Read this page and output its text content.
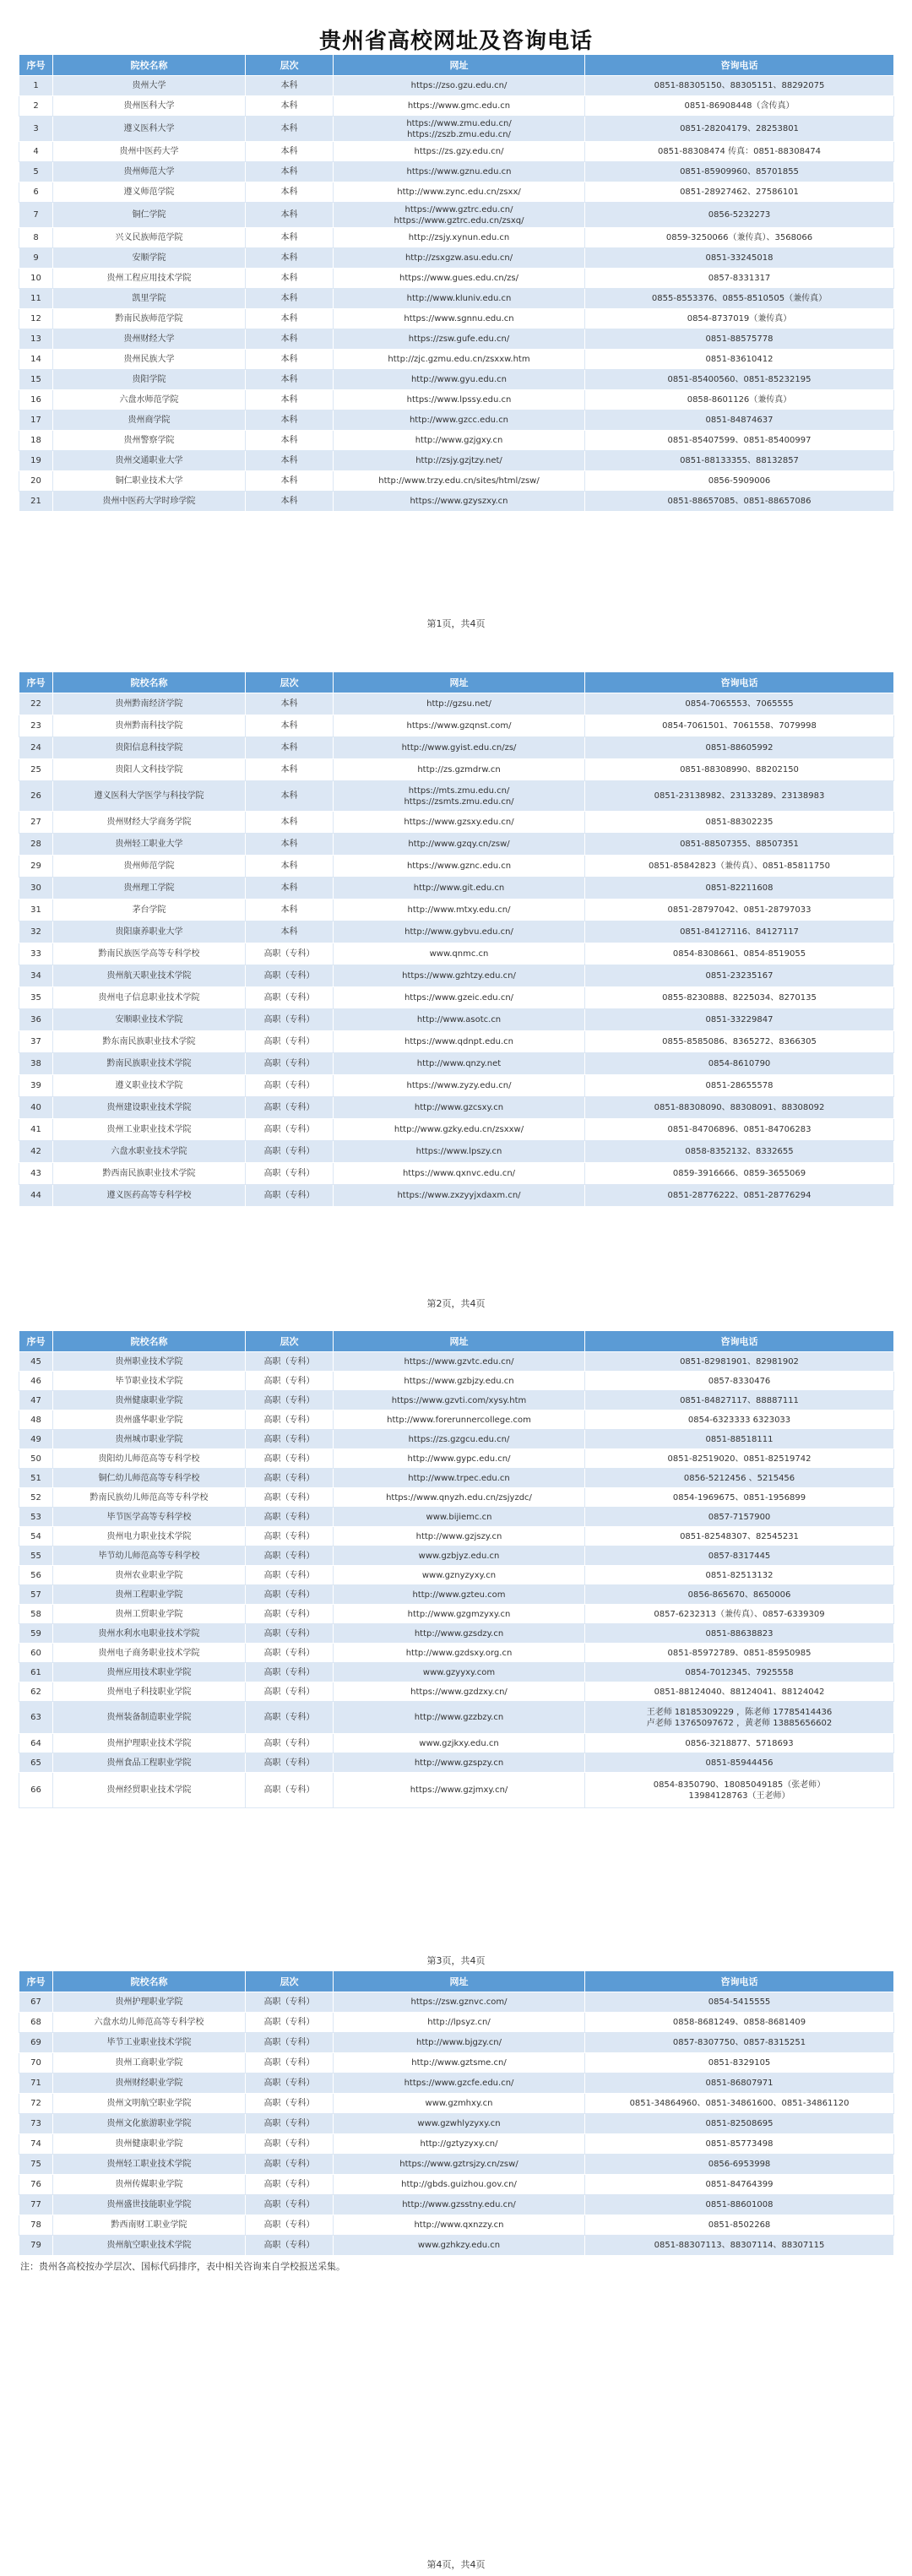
贵州省高校网址及咨询电话
序号	院校名称	层次	网址	咨询电话
1	贵州大学	本科	https://zso.gzu.edu.cn/	0851-88305150、88305151、88292075
2	贵州医科大学	本科	https://www.gmc.edu.cn	0851-86908448（含传真）
3	遵义医科大学	本科	https://www.zmu.edu.cn/
https://zszb.zmu.edu.cn/	0851-28204179、28253801
4	贵州中医药大学	本科	https://zs.gzy.edu.cn/	0851-88308474 传真：0851-88308474
5	贵州师范大学	本科	https://www.gznu.edu.cn	0851-85909960、85701855
6	遵义师范学院	本科	http://www.zync.edu.cn/zsxx/	0851-28927462、27586101
7	铜仁学院	本科	https://www.gztrc.edu.cn/
https://www.gztrc.edu.cn/zsxq/	0856-5232273
8	兴义民族师范学院	本科	http://zsjy.xynun.edu.cn	0859-3250066（兼传真）、3568066
9	安顺学院	本科	http://zsxgzw.asu.edu.cn/	0851-33245018
10	贵州工程应用技术学院	本科	https://www.gues.edu.cn/zs/	0857-8331317
11	凯里学院	本科	http://www.kluniv.edu.cn	0855-8553376、0855-8510505（兼传真）
12	黔南民族师范学院	本科	https://www.sgnnu.edu.cn	0854-8737019（兼传真）
13	贵州财经大学	本科	https://zsw.gufe.edu.cn/	0851-88575778
14	贵州民族大学	本科	http://zjc.gzmu.edu.cn/zsxxw.htm	0851-83610412
15	贵阳学院	本科	http://www.gyu.edu.cn	0851-85400560、0851-85232195
16	六盘水师范学院	本科	https://www.lpssy.edu.cn	0858-8601126（兼传真）
17	贵州商学院	本科	http://www.gzcc.edu.cn	0851-84874637
18	贵州警察学院	本科	http://www.gzjgxy.cn	0851-85407599、0851-85400997
19	贵州交通职业大学	本科	http://zsjy.gzjtzy.net/	0851-88133355、88132857
20	铜仁职业技术大学	本科	http://www.trzy.edu.cn/sites/html/zsw/	0856-5909006
21	贵州中医药大学时珍学院	本科	https://www.gzyszxy.cn	0851-88657085、0851-88657086
第1页，共4页
序号	院校名称	层次	网址	咨询电话
22	贵州黔南经济学院	本科	http://gzsu.net/	0854-7065553、7065555
23	贵州黔南科技学院	本科	https://www.gzqnst.com/	0854-7061501、7061558、7079998
24	贵阳信息科技学院	本科	http://www.gyist.edu.cn/zs/	0851-88605992
25	贵阳人文科技学院	本科	http://zs.gzmdrw.cn	0851-88308990、88202150
26	遵义医科大学医学与科技学院	本科	https://mts.zmu.edu.cn/
https://zsmts.zmu.edu.cn/	0851-23138982、23133289、23138983
27	贵州财经大学商务学院	本科	https://www.gzsxy.edu.cn/	0851-88302235
28	贵州轻工职业大学	本科	http://www.gzqy.cn/zsw/	0851-88507355、88507351
29	贵州师范学院	本科	https://www.gznc.edu.cn	0851-85842823（兼传真）、0851-85811750
30	贵州理工学院	本科	http://www.git.edu.cn	0851-82211608
31	茅台学院	本科	http://www.mtxy.edu.cn/	0851-28797042、0851-28797033
32	贵阳康养职业大学	本科	http://www.gybvu.edu.cn/	0851-84127116、84127117
33	黔南民族医学高等专科学校	高职（专科）	www.qnmc.cn	0854-8308661、0854-8519055
34	贵州航天职业技术学院	高职（专科）	https://www.gzhtzy.edu.cn/	0851-23235167
35	贵州电子信息职业技术学院	高职（专科）	https://www.gzeic.edu.cn/	0855-8230888、8225034、8270135
36	安顺职业技术学院	高职（专科）	http://www.asotc.cn	0851-33229847
37	黔东南民族职业技术学院	高职（专科）	https://www.qdnpt.edu.cn	0855-8585086、8365272、8366305
38	黔南民族职业技术学院	高职（专科）	http://www.qnzy.net	0854-8610790
39	遵义职业技术学院	高职（专科）	https://www.zyzy.edu.cn/	0851-28655578
40	贵州建设职业技术学院	高职（专科）	http://www.gzcsxy.cn	0851-88308090、88308091、88308092
41	贵州工业职业技术学院	高职（专科）	http://www.gzky.edu.cn/zsxxw/	0851-84706896、0851-84706283
42	六盘水职业技术学院	高职（专科）	https://www.lpszy.cn	0858-8352132、8332655
43	黔西南民族职业技术学院	高职（专科）	https://www.qxnvc.edu.cn/	0859-3916666、0859-3655069
44	遵义医药高等专科学校	高职（专科）	https://www.zxzyyjxdaxm.cn/	0851-28776222、0851-28776294
第2页，共4页
序号	院校名称	层次	网址	咨询电话
45	贵州职业技术学院	高职（专科）	https://www.gzvtc.edu.cn/	0851-82981901、82981902
46	毕节职业技术学院	高职（专科）	https://www.gzbjzy.edu.cn	0857-8330476
47	贵州健康职业学院	高职（专科）	https://www.gzvti.com/xysy.htm	0851-84827117、88887111
48	贵州盛华职业学院	高职（专科）	http://www.forerunnercollege.com	0854-6323333 6323033
49	贵州城市职业学院	高职（专科）	https://zs.gzgcu.edu.cn/	0851-88518111
50	贵阳幼儿师范高等专科学校	高职（专科）	http://www.gypc.edu.cn/	0851-82519020、0851-82519742
51	铜仁幼儿师范高等专科学校	高职（专科）	http://www.trpec.edu.cn	0856-5212456 、5215456
52	黔南民族幼儿师范高等专科学校	高职（专科）	https://www.qnyzh.edu.cn/zsjyzdc/	0854-1969675、0851-1956899
53	毕节医学高等专科学校	高职（专科）	www.bijiemc.cn	0857-7157900
54	贵州电力职业技术学院	高职（专科）	http://www.gzjszy.cn	0851-82548307、82545231
55	毕节幼儿师范高等专科学校	高职（专科）	www.gzbjyz.edu.cn	0857-8317445
56	贵州农业职业学院	高职（专科）	www.gznyzyxy.cn	0851-82513132
57	贵州工程职业学院	高职（专科）	http://www.gzteu.com	0856-865670、8650006
58	贵州工贸职业学院	高职（专科）	http://www.gzgmzyxy.cn	0857-6232313（兼传真）、0857-6339309
59	贵州水利水电职业技术学院	高职（专科）	http://www.gzsdzy.cn	0851-88638823
60	贵州电子商务职业技术学院	高职（专科）	http://www.gzdsxy.org.cn	0851-85972789、0851-85950985
61	贵州应用技术职业学院	高职（专科）	www.gzyyxy.com	0854-7012345、7925558
62	贵州电子科技职业学院	高职（专科）	https://www.gzdzxy.cn/	0851-88124040、88124041、88124042
63	贵州装备制造职业学院	高职（专科）	http://www.gzzbzy.cn	王老师 18185309229 ，陈老师 17785414436
卢老师 13765097672 ，黄老师 13885656602
64	贵州护理职业技术学院	高职（专科）	www.gzjkxy.edu.cn	0856-3218877、5718693
65	贵州食品工程职业学院	高职（专科）	http://www.gzspzy.cn	0851-85944456
66	贵州经贸职业技术学院	高职（专科）	https://www.gzjmxy.cn/	0854-8350790、18085049185（张老师）
13984128763（王老师）
第3页，共4页
序号	院校名称	层次	网址	咨询电话
67	贵州护理职业学院	高职（专科）	https://zsw.gznvc.com/	0854-5415555
68	六盘水幼儿师范高等专科学校	高职（专科）	http://lpsyz.cn/	0858-8681249、0858-8681409
69	毕节工业职业技术学院	高职（专科）	http://www.bjgzy.cn/	0857-8307750、0857-8315251
70	贵州工商职业学院	高职（专科）	http://www.gztsme.cn/	0851-8329105
71	贵州财经职业学院	高职（专科）	https://www.gzcfe.edu.cn/	0851-86807971
72	贵州文明航空职业学院	高职（专科）	www.gzmhxy.cn	0851-34864960、0851-34861600、0851-34861120
73	贵州文化旅游职业学院	高职（专科）	www.gzwhlyzyxy.cn	0851-82508695
74	贵州健康职业学院	高职（专科）	http://gztyzyxy.cn/	0851-85773498
75	贵州轻工职业技术学院	高职（专科）	https://www.gztrsjzy.cn/zsw/	0856-6953998
76	贵州传媒职业学院	高职（专科）	http://gbds.guizhou.gov.cn/	0851-84764399
77	贵州盛世技能职业学院	高职（专科）	http://www.gzsstny.edu.cn/	0851-88601008
78	黔西南财工职业学院	高职（专科）	http://www.qxnzzy.cn	0851-8502268
79	贵州航空职业技术学院	高职（专科）	www.gzhkzy.edu.cn	0851-88307113、88307114、88307115
注：贵州各高校按办学层次、国标代码排序，表中相关咨询来自学校报送采集。
第4页，共4页
